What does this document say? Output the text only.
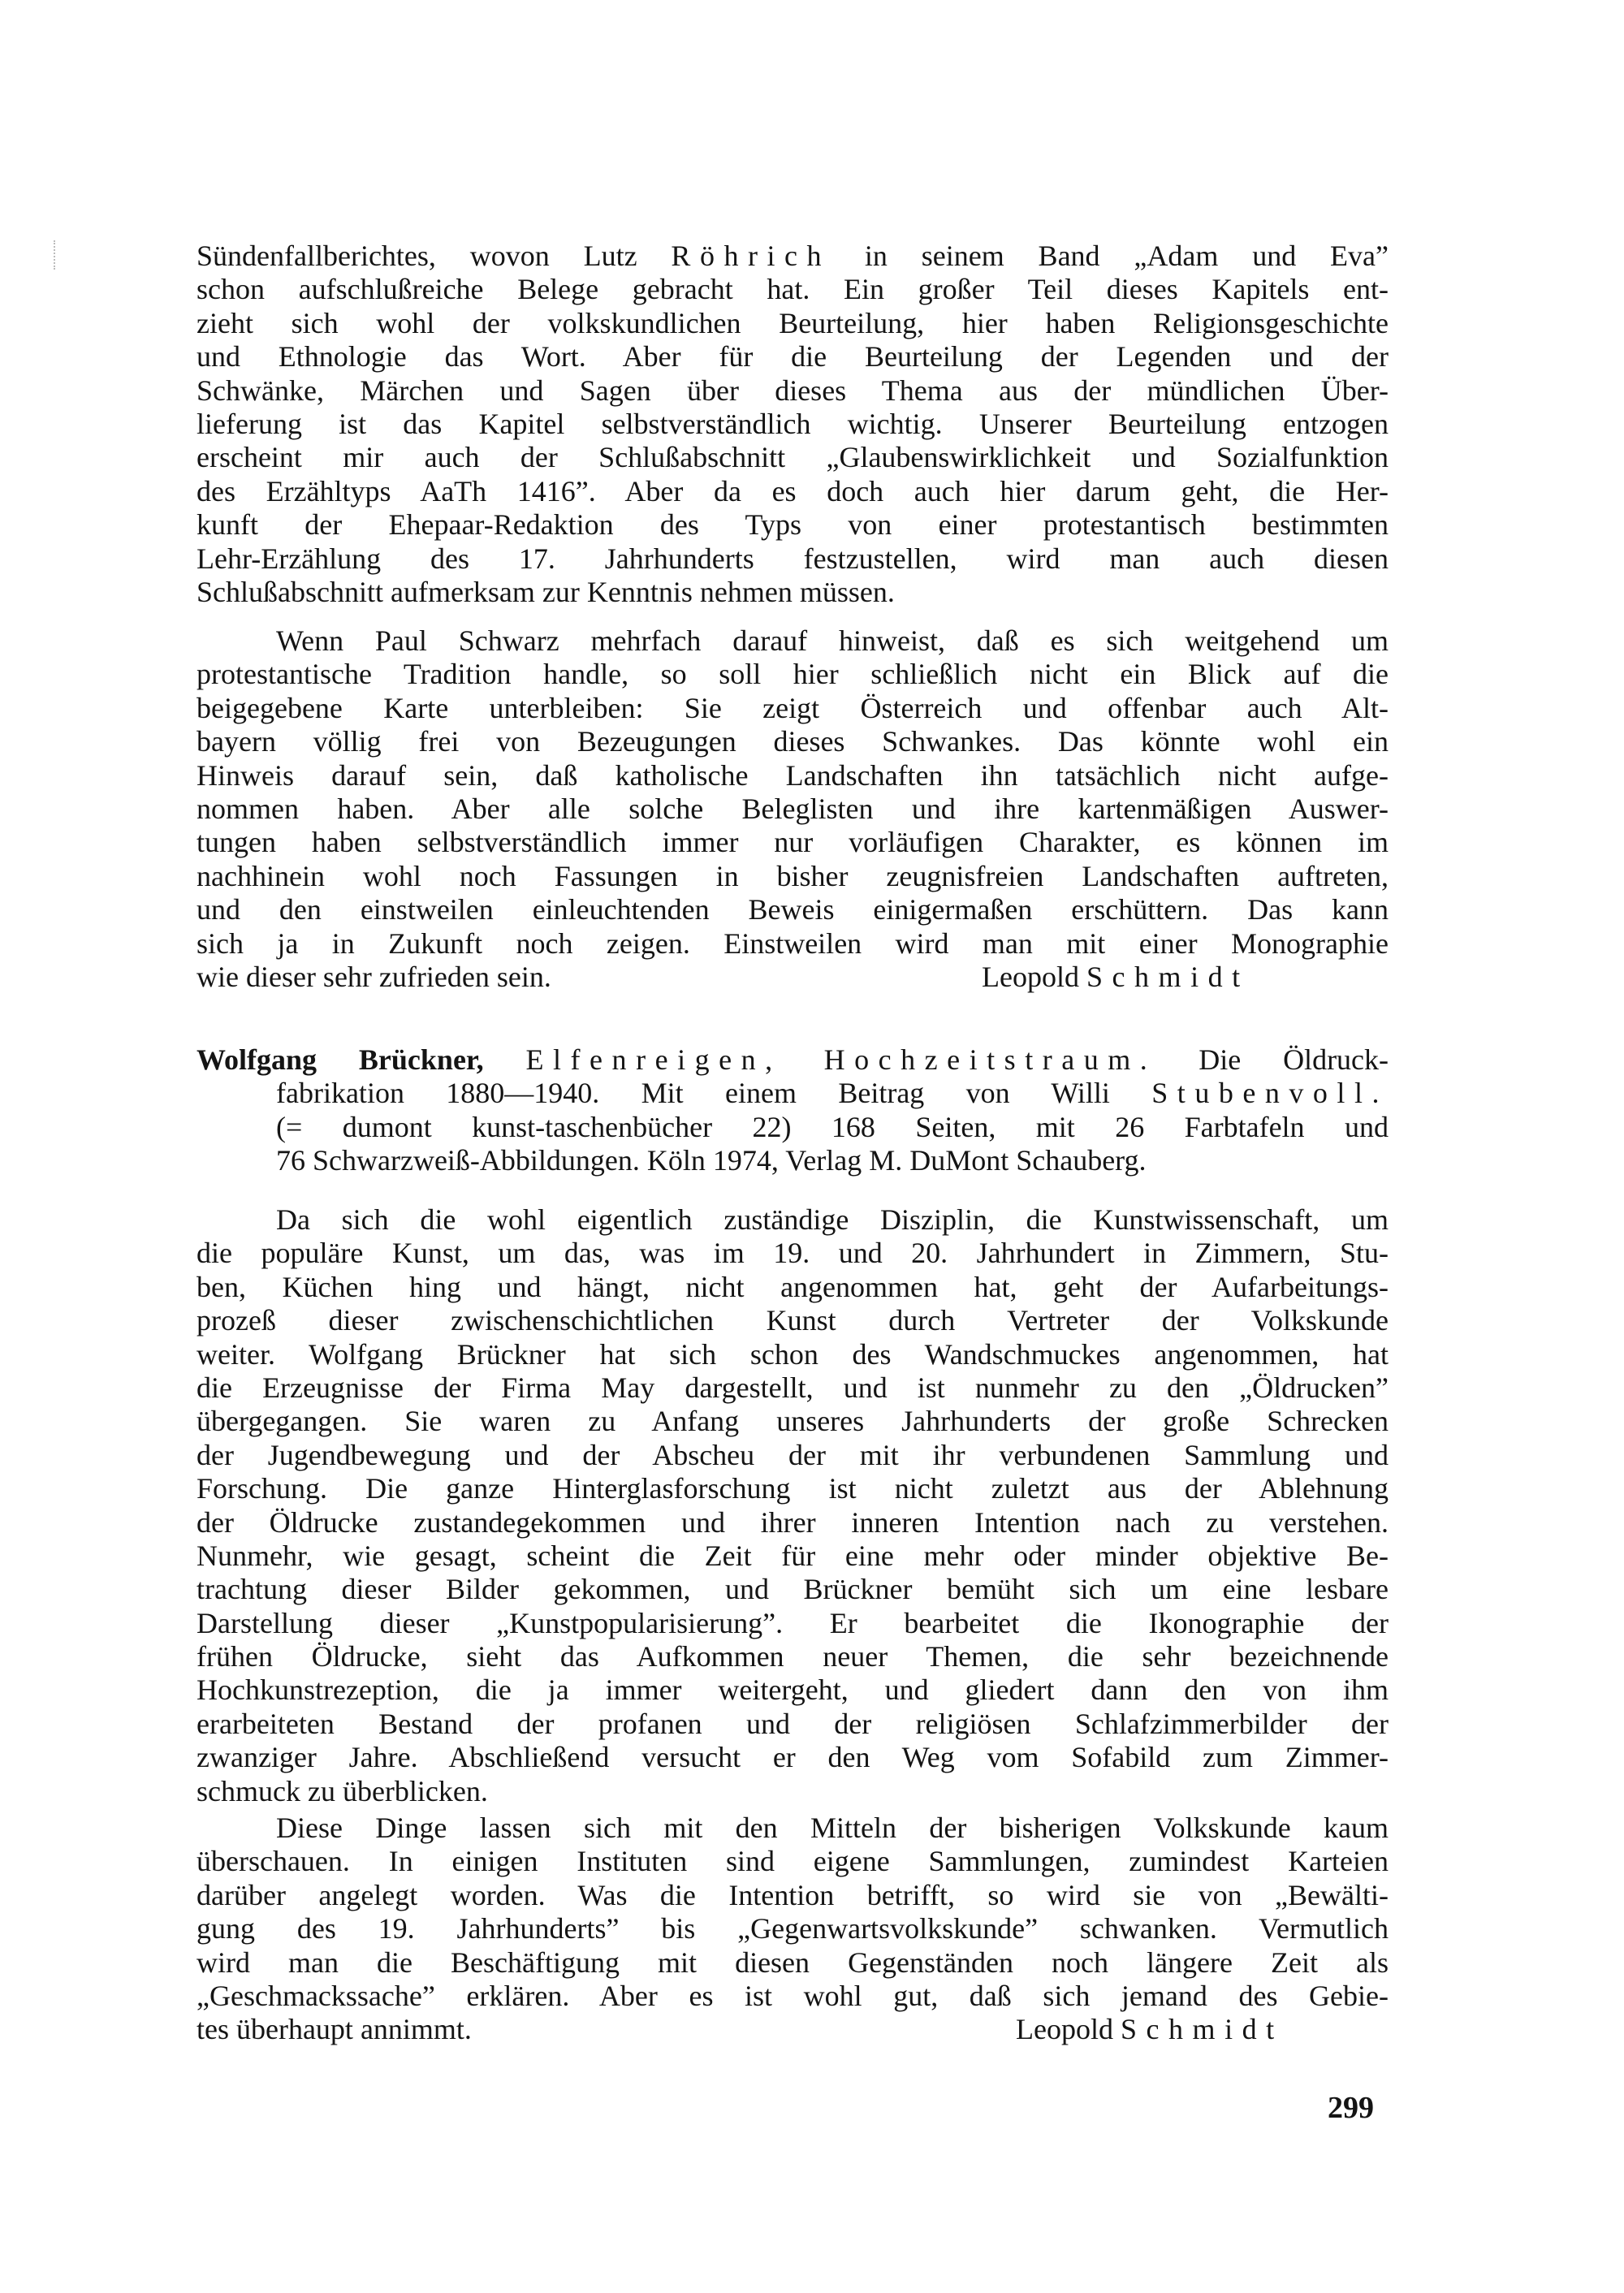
Sündenfallberichtes, wovon Lutz Röhrich in seinem Band „Adam und Eva”
schon aufschlußreiche Belege gebracht hat. Ein großer Teil dieses Kapitels ent-
zieht sich wohl der volkskundlichen Beurteilung, hier haben Religionsgeschichte
und Ethnologie das Wort. Aber für die Beurteilung der Legenden und der
Schwänke, Märchen und Sagen über dieses Thema aus der mündlichen Über-
lieferung ist das Kapitel selbstverständlich wichtig. Unserer Beurteilung entzogen
erscheint mir auch der Schlußabschnitt „Glaubenswirklichkeit und Sozialfunktion
des Erzähltyps AaTh 1416”. Aber da es doch auch hier darum geht, die Her-
kunft der Ehepaar-Redaktion des Typs von einer protestantisch bestimmten
Lehr-Erzählung des 17. Jahrhunderts festzustellen, wird man auch diesen
Schlußabschnitt aufmerksam zur Kenntnis nehmen müssen.
Wenn Paul Schwarz mehrfach darauf hinweist, daß es sich weitgehend um
protestantische Tradition handle, so soll hier schließlich nicht ein Blick auf die
beigegebene Karte unterbleiben: Sie zeigt Österreich und offenbar auch Alt-
bayern völlig frei von Bezeugungen dieses Schwankes. Das könnte wohl ein
Hinweis darauf sein, daß katholische Landschaften ihn tatsächlich nicht aufge-
nommen haben. Aber alle solche Beleglisten und ihre kartenmäßigen Auswer-
tungen haben selbstverständlich immer nur vorläufigen Charakter, es können im
nachhinein wohl noch Fassungen in bisher zeugnisfreien Landschaften auftreten,
und den einstweilen einleuchtenden Beweis einigermaßen erschüttern. Das kann
sich ja in Zukunft noch zeigen. Einstweilen wird man mit einer Monographie
wie dieser sehr zufrieden sein.	Leopold Schmidt
Wolfgang Brückner, Elfenreigen, Hochzeitstraum. Die Öldruck-
fabrikation 1880—1940. Mit einem Beitrag von Willi Stubenvoll.
(= dumont kunst-taschenbücher 22) 168 Seiten, mit 26 Farbtafeln und
76 Schwarzweiß-Abbildungen. Köln 1974, Verlag M. DuMont Schauberg.
Da sich die wohl eigentlich zuständige Disziplin, die Kunstwissenschaft, um
die populäre Kunst, um das, was im 19. und 20. Jahrhundert in Zimmern, Stu-
ben, Küchen hing und hängt, nicht angenommen hat, geht der Aufarbeitungs-
prozeß dieser zwischenschichtlichen Kunst durch Vertreter der Volkskunde
weiter. Wolfgang Brückner hat sich schon des Wandschmuckes angenommen, hat
die Erzeugnisse der Firma May dargestellt, und ist nunmehr zu den „Öldrucken”
übergegangen. Sie waren zu Anfang unseres Jahrhunderts der große Schrecken
der Jugendbewegung und der Abscheu der mit ihr verbundenen Sammlung und
Forschung. Die ganze Hinterglasforschung ist nicht zuletzt aus der Ablehnung
der Öldrucke zustandegekommen und ihrer inneren Intention nach zu verstehen.
Nunmehr, wie gesagt, scheint die Zeit für eine mehr oder minder objektive Be-
trachtung dieser Bilder gekommen, und Brückner bemüht sich um eine lesbare
Darstellung dieser „Kunstpopularisierung”. Er bearbeitet die Ikonographie der
frühen Öldrucke, sieht das Aufkommen neuer Themen, die sehr bezeichnende
Hochkunstrezeption, die ja immer weitergeht, und gliedert dann den von ihm
erarbeiteten Bestand der profanen und der religiösen Schlafzimmerbilder der
zwanziger Jahre. Abschließend versucht er den Weg vom Sofabild zum Zimmer-
schmuck zu überblicken.
Diese Dinge lassen sich mit den Mitteln der bisherigen Volkskunde kaum
überschauen. In einigen Instituten sind eigene Sammlungen, zumindest Karteien
darüber angelegt worden. Was die Intention betrifft, so wird sie von „Bewälti-
gung des 19. Jahrhunderts” bis „Gegenwartsvolkskunde” schwanken. Vermutlich
wird man die Beschäftigung mit diesen Gegenständen noch längere Zeit als
„Geschmackssache” erklären. Aber es ist wohl gut, daß sich jemand des Gebie-
tes überhaupt annimmt.	Leopold Schmidt
299
